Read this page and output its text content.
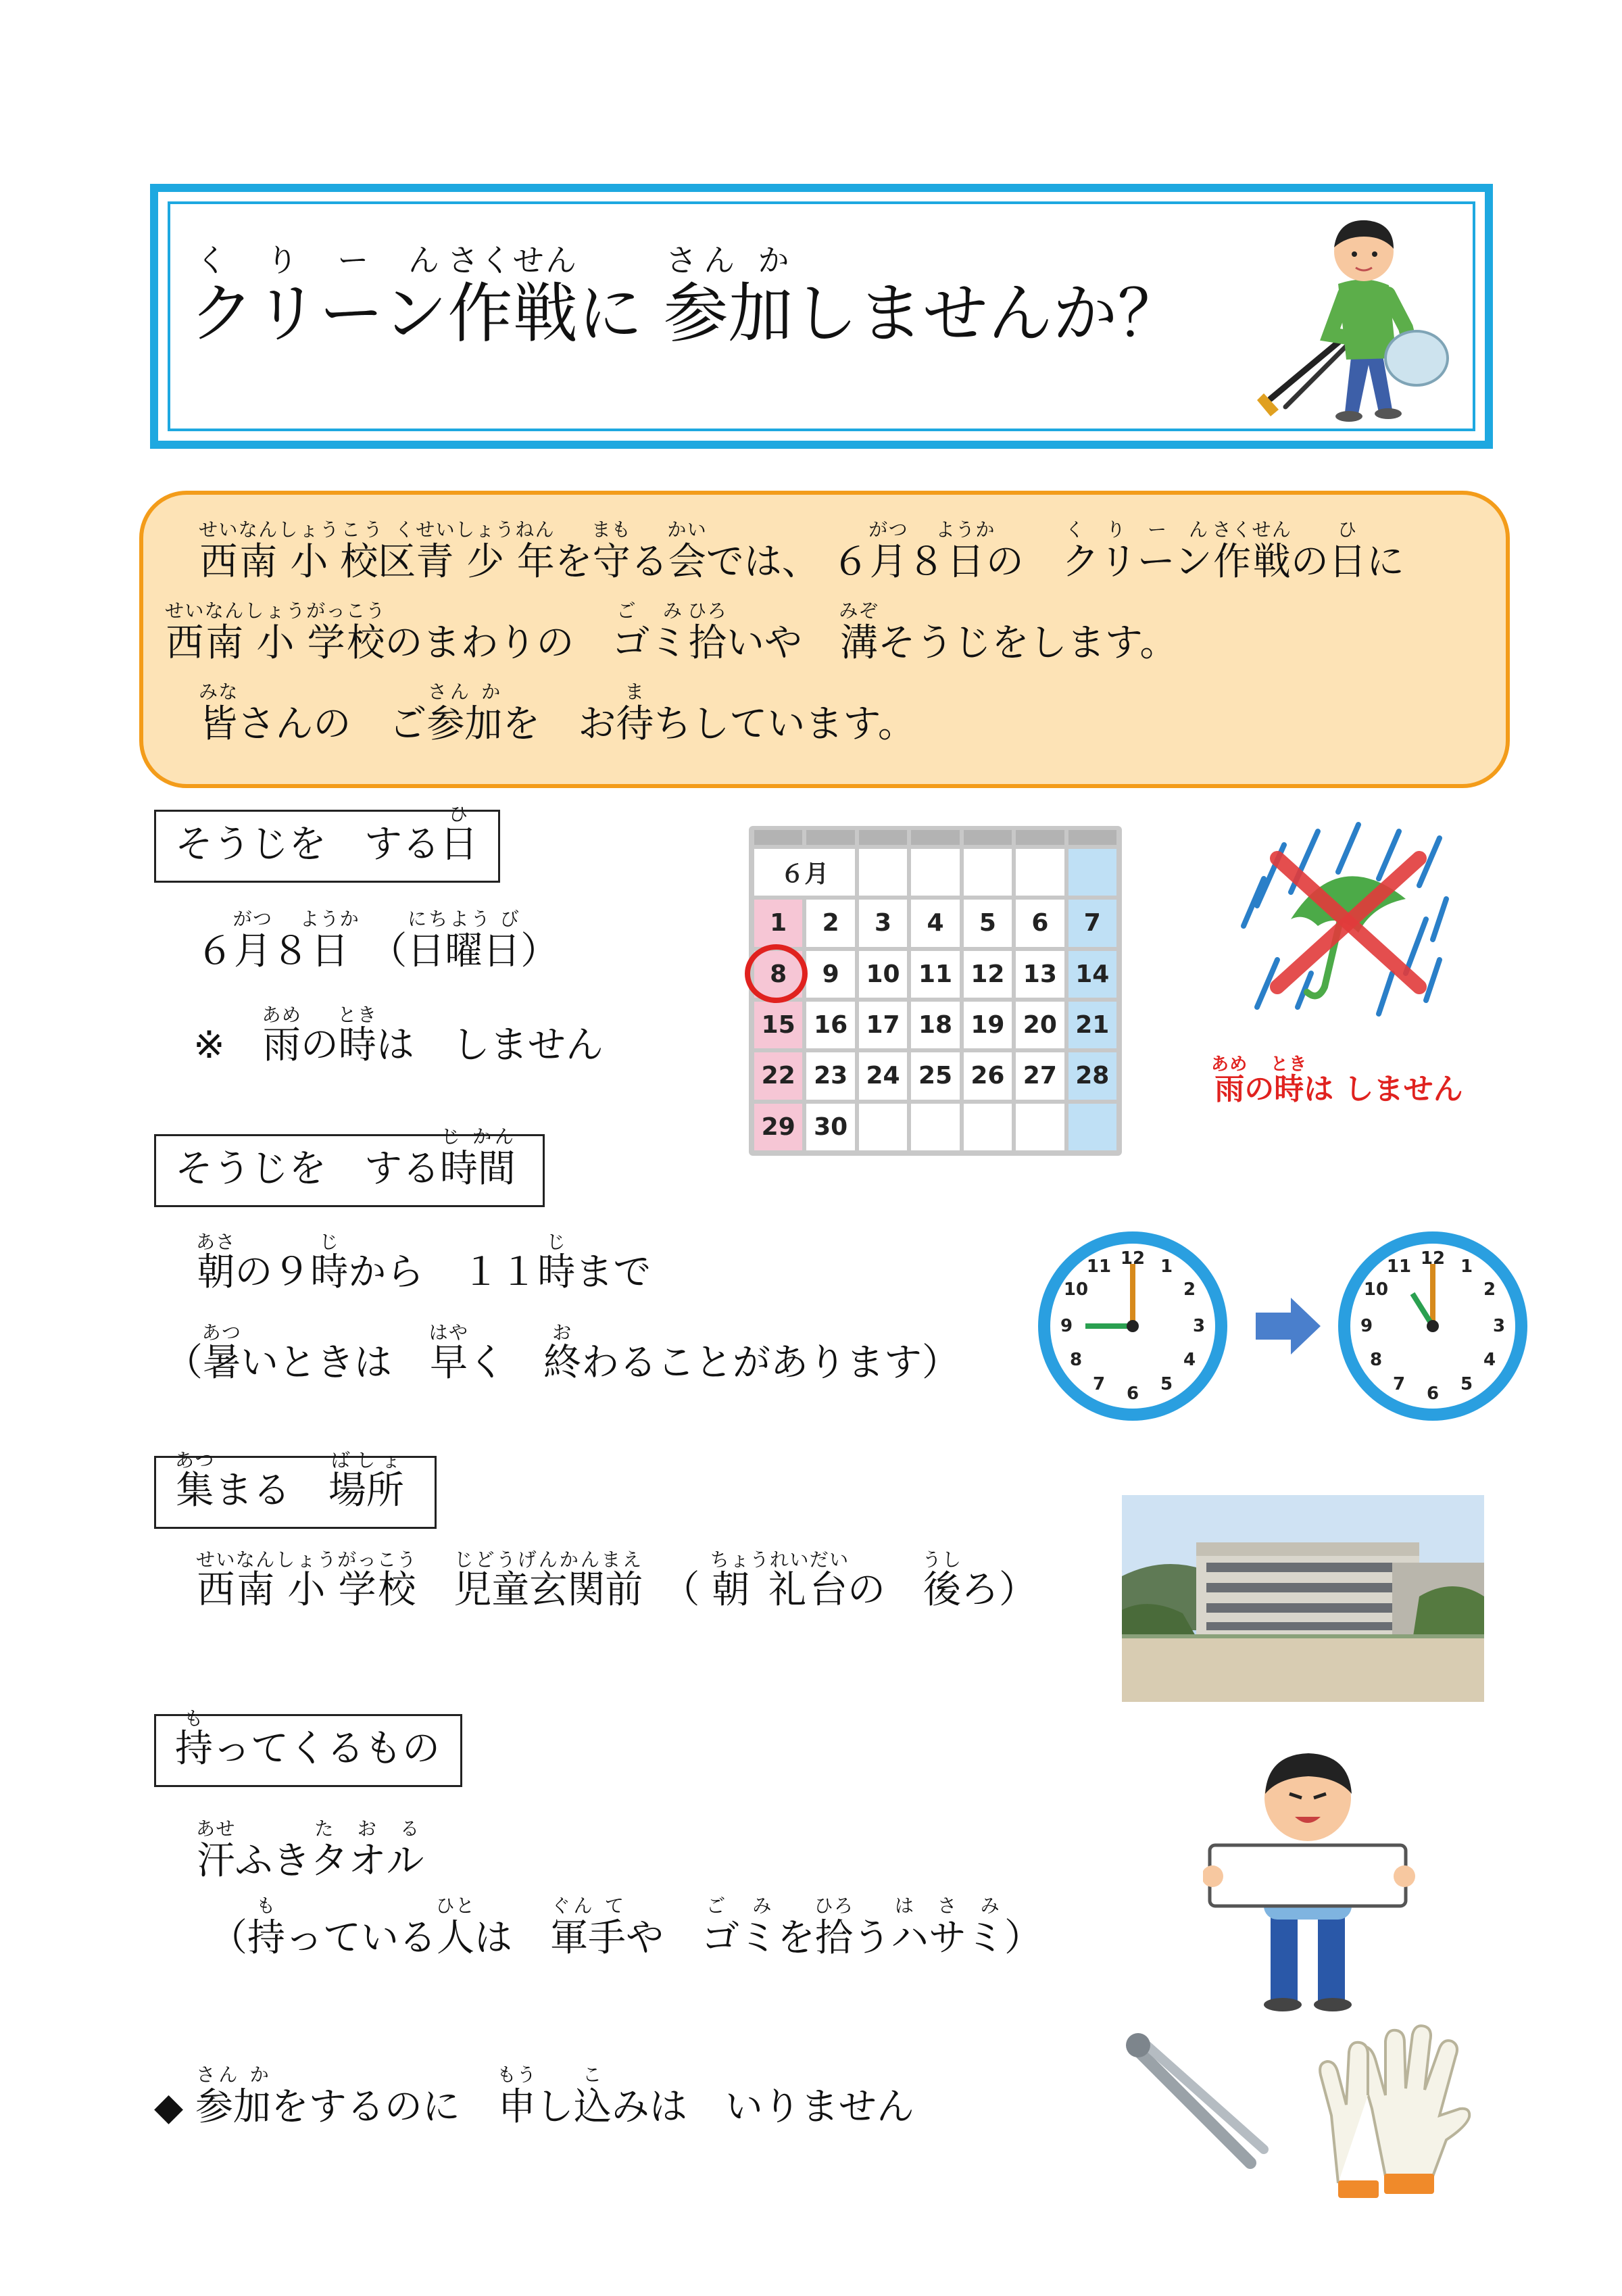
クリーンく り ー ん作戦さくせんに 参加さん かしませんか？
西南せいなん 小 しょう校区こう く青 少 年せいしょうねんを守まもる会かいでは、 ６月がつ８日ようかの　クリーンく り ー ん作戦さくせんの日ひに
西南せいなん 小 しょう学校がっこうのまわりの　ゴミご み拾ひろいや　溝みぞそうじをします。
皆みなさんの　ご参加さん かを　お待まちしています。
そうじを　する 日ひ
６月がつ８日ようか　（日曜日にちよう び）
※　雨あめの時ときは　しません
６月
1	2	3	4	5	6	7
8	9	10 11 12 13 14
15 16 17 18 19 20 21
22 23 24 25 26 27 28
29 30
雨あめの時ときは しません
そうじを　する 時間じ かん
朝あさの９時じから　１１時じまで
（暑あついときは　早はやく　終おわることがあります）
12 1
2
3
4
5
6
7
8
9
10
11	12 1
2
3
4
5
6
7
8
9
10
11
集あつ
まる　 場所ばしょ
西南せいなん 小 しょう学校がっこう　児童玄関前じどうげんかんまえ　（ 朝 礼台ちょうれいだいの　後うしろ）
持も
ってくるもの
汗あせふきタオルた お る
（持もっている人ひとは　軍手ぐん てや　ゴミご みを拾ひろうハサミは さ み）
◆ 参加さん かをするのに　申もうし込こみは　いりません
